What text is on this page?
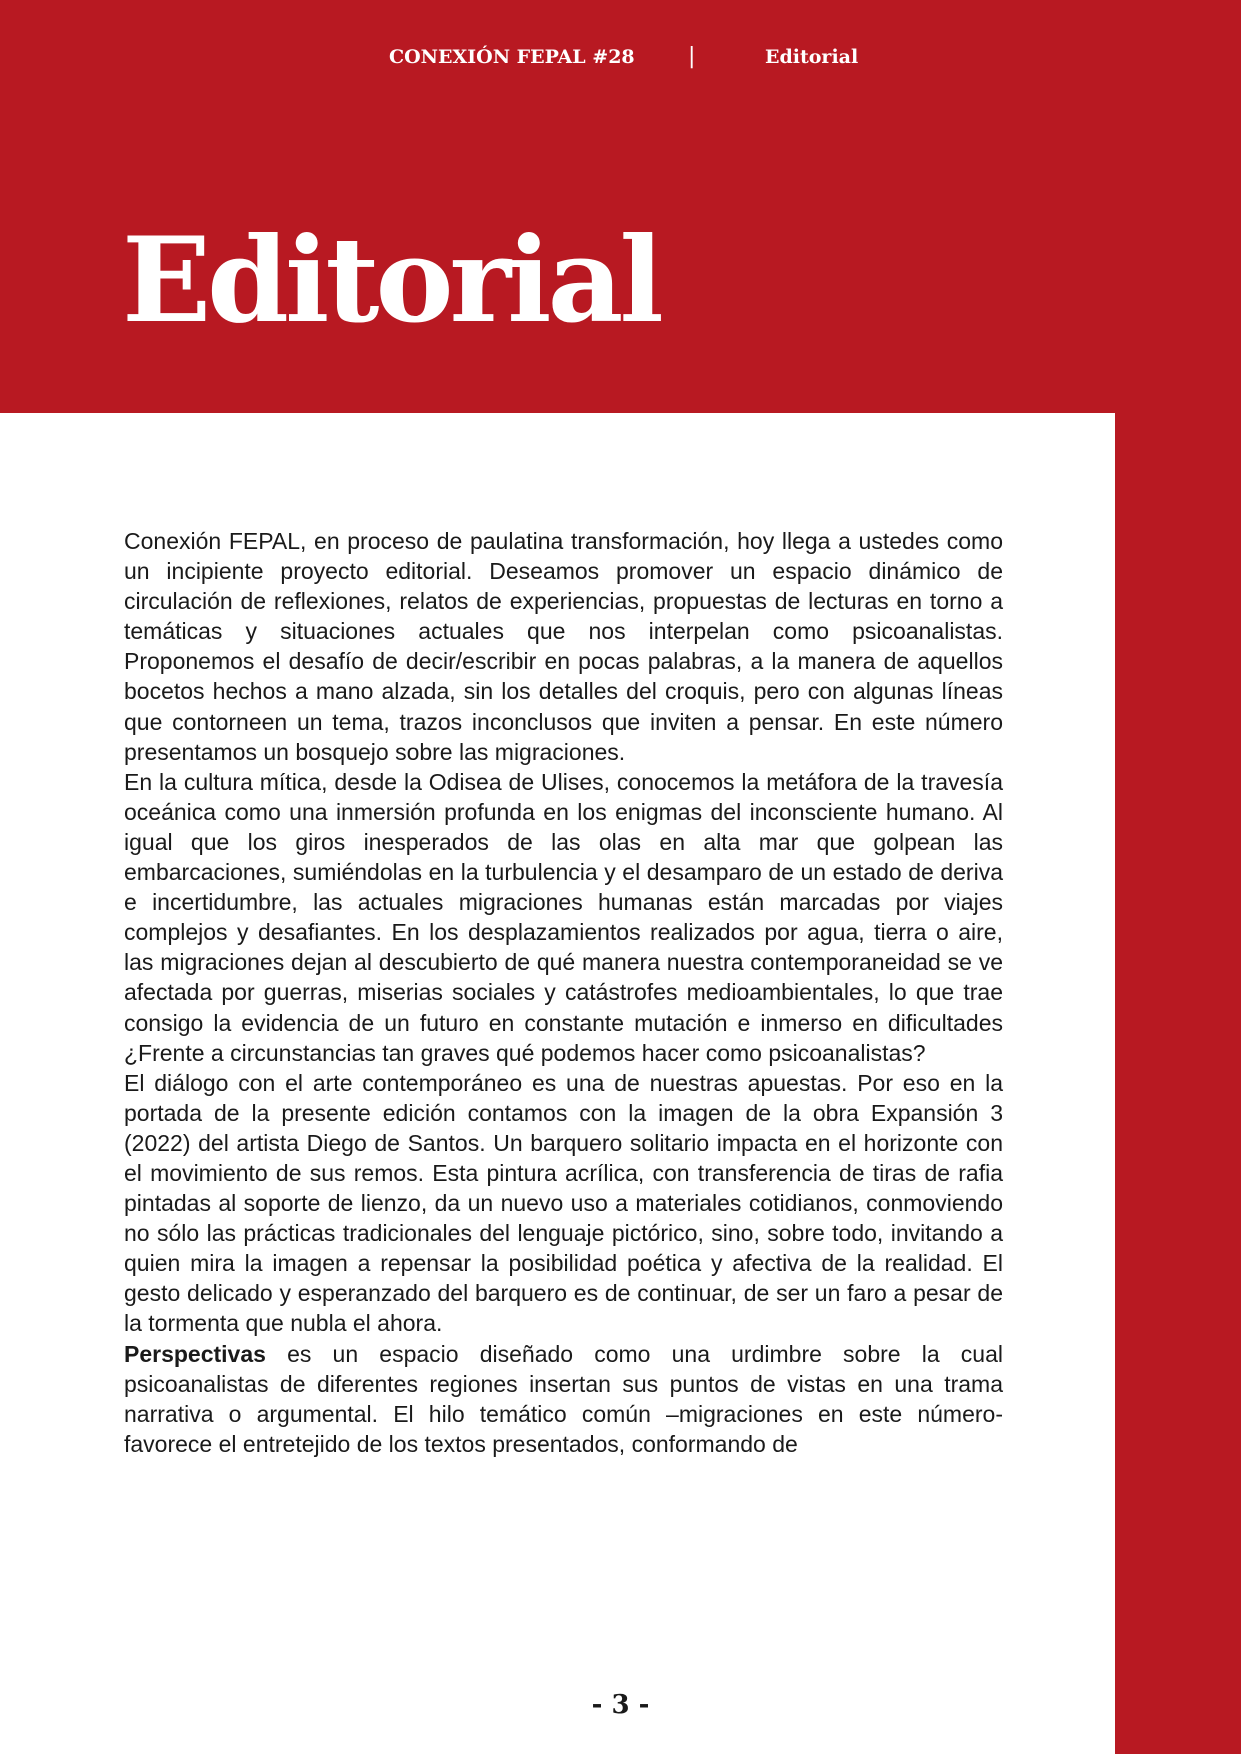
CONEXIÓN FEPAL #28 |	Editorial
Editorial

Conexión FEPAL, en proceso de paulatina transformación, hoy llega a ustedes como un incipiente proyecto editorial. Deseamos promover un espacio dinámico de circulación de reflexiones, relatos de experiencias, propuestas de lecturas en torno a temáticas y situaciones actuales que nos interpelan como psicoanalistas. Proponemos el desafío de decir/escribir en pocas palabras, a la manera de aquellos bocetos hechos a mano alzada, sin los detalles del croquis, pero con algunas líneas que contorneen un tema, trazos inconclusos que inviten a pensar. En este número presentamos un bosquejo sobre las migraciones.

En la cultura mítica, desde la Odisea de Ulises, conocemos la metáfora de la travesía oceánica como una inmersión profunda en los enigmas del inconsciente humano. Al igual que los giros inesperados de las olas en alta mar que golpean las embarcaciones, sumiéndolas en la turbulencia y el desamparo de un estado de deriva e incertidumbre, las actuales migraciones humanas están marcadas por viajes complejos y desafiantes. En los desplazamientos realizados por agua, tierra o aire, las migraciones dejan al descubierto de qué manera nuestra contemporaneidad se ve afectada por guerras, miserias sociales y catástrofes medioambientales, lo que trae consigo la evidencia de un futuro en constante mutación e inmerso en dificultades ¿Frente a circunstancias tan graves qué podemos hacer como psicoanalistas?

El diálogo con el arte contemporáneo es una de nuestras apuestas. Por eso en la portada de la presente edición contamos con la imagen de la obra Expansión 3 (2022) del artista Diego de Santos. Un barquero solitario impacta en el horizonte con el movimiento de sus remos. Esta pintura acrílica, con transferencia de tiras de rafia pintadas al soporte de lienzo, da un nuevo uso a materiales cotidianos, conmoviendo no sólo las prácticas tradicionales del lenguaje pictórico, sino, sobre todo, invitando a quien mira la imagen a repensar la posibilidad poética y afectiva de la realidad. El gesto delicado y esperanzado del barquero es de continuar, de ser un faro a pesar de la tormenta que nubla el ahora.

Perspectivas es un espacio diseñado como una urdimbre sobre la cual psicoanalistas de diferentes regiones insertan sus puntos de vistas en una trama narrativa o argumental. El hilo temático común –migraciones en este número- favorece el entretejido de los textos presentados, conformando de

- 3 -
